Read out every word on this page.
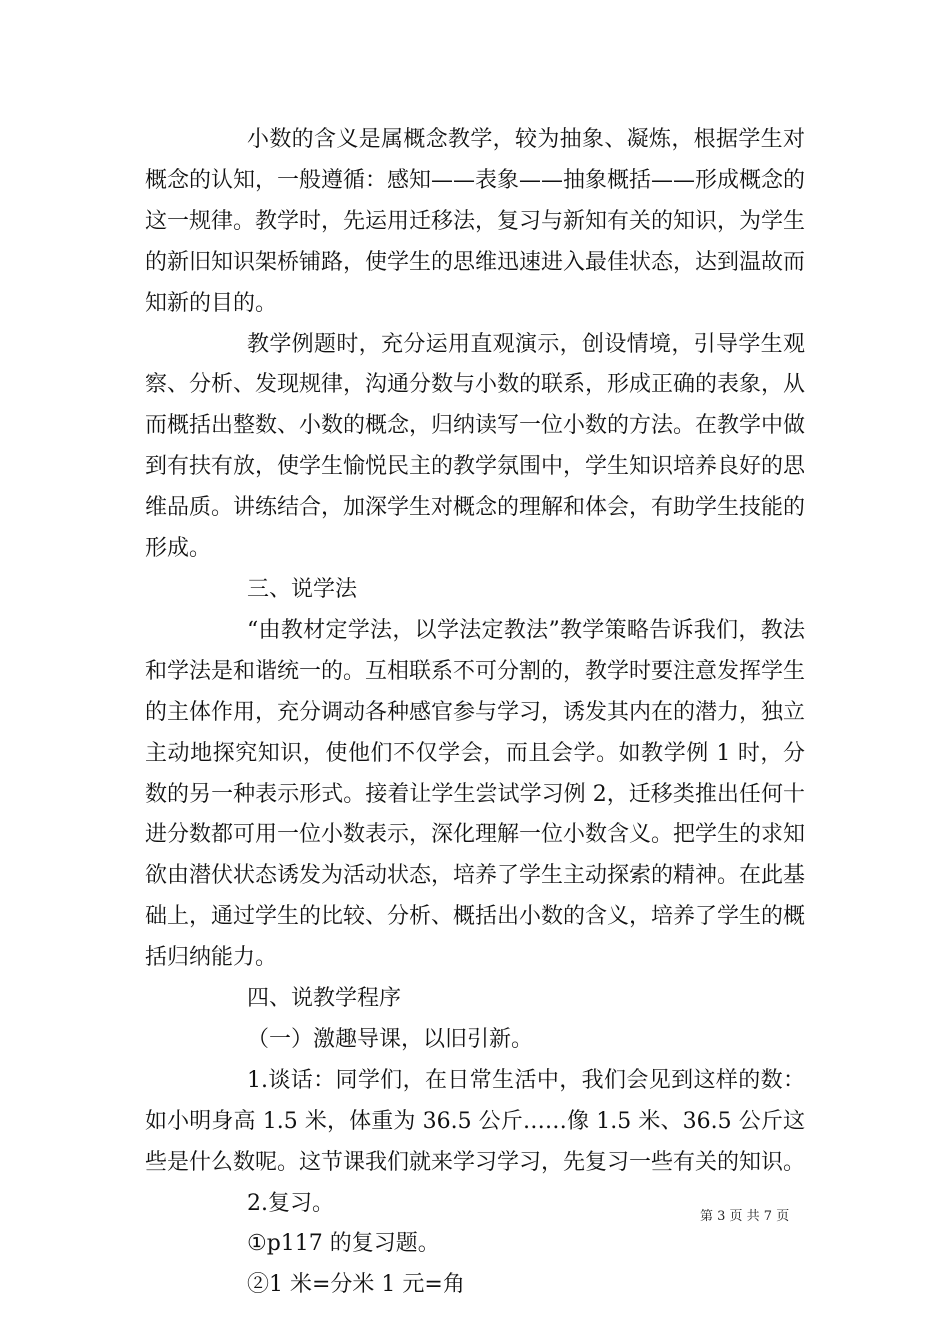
小数的含义是属概念教学，较为抽象、凝炼，根据学生对概念的认知，一般遵循：感知——表象——抽象概括——形成概念的这一规律。教学时，先运用迁移法，复习与新知有关的知识，为学生的新旧知识架桥铺路，使学生的思维迅速进入最佳状态，达到温故而知新的目的。

教学例题时，充分运用直观演示，创设情境，引导学生观察、分析、发现规律，沟通分数与小数的联系，形成正确的表象，从而概括出整数、小数的概念，归纳读写一位小数的方法。在教学中做到有扶有放，使学生愉悦民主的教学氛围中，学生知识培养良好的思维品质。讲练结合，加深学生对概念的理解和体会，有助学生技能的形成。

三、说学法

“由教材定学法，以学法定教法”教学策略告诉我们，教法和学法是和谐统一的。互相联系不可分割的，教学时要注意发挥学生的主体作用，充分调动各种感官参与学习，诱发其内在的潜力，独立主动地探究知识，使他们不仅学会，而且会学。如教学例 1 时，分数的另一种表示形式。接着让学生尝试学习例 2，迁移类推出任何十进分数都可用一位小数表示，深化理解一位小数含义。把学生的求知欲由潜伏状态诱发为活动状态，培养了学生主动探索的精神。在此基础上，通过学生的比较、分析、概括出小数的含义，培养了学生的概括归纳能力。

四、说教学程序

（一）激趣导课，以旧引新。

1.谈话：同学们，在日常生活中，我们会见到这样的数：如小明身高 1.5 米，体重为 36.5 公斤……像 1.5 米、36.5 公斤这些是什么数呢。这节课我们就来学习学习，先复习一些有关的知识。

2.复习。

①p117 的复习题。

②1 米=分米 1 元=角

第 3 页 共 7 页
